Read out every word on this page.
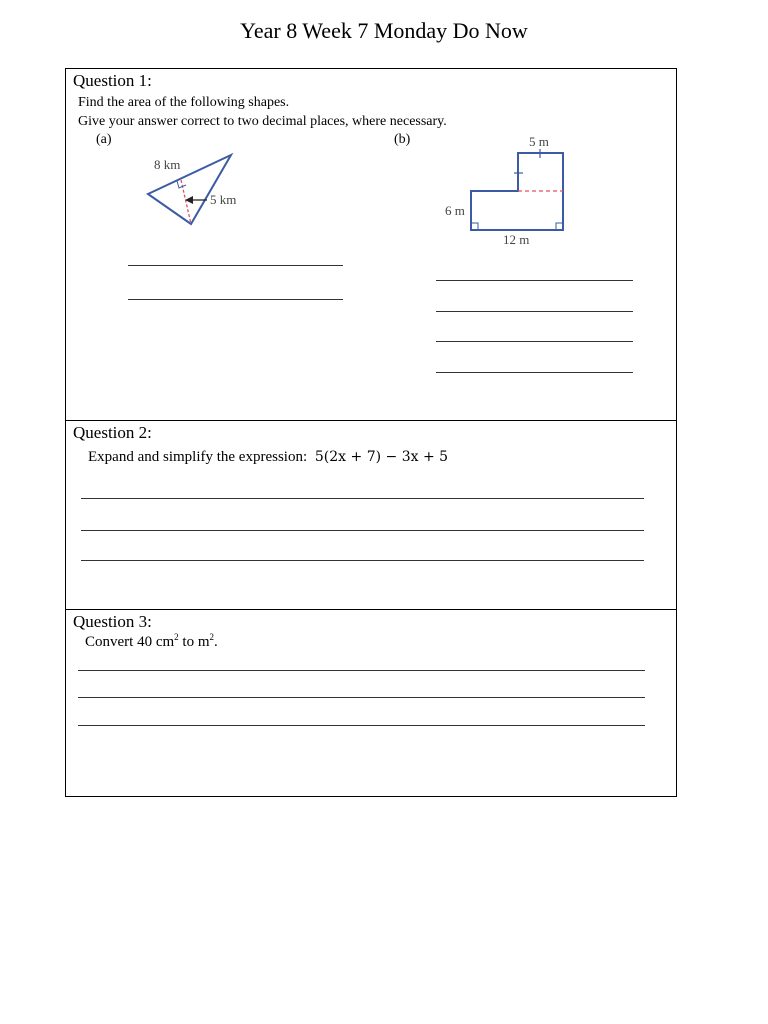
Year 8 Week 7 Monday Do Now
Question 1:
Find the area of the following shapes.
Give your answer correct to two decimal places, where necessary.
(a)	(b)
8 km
5 km
5 m
6 m
12 m
Question 2:
Expand and simplify the expression: 5(2x + 7) − 3x + 5
Question 3:
Convert 40 $cm^2$ to $m^2$.
